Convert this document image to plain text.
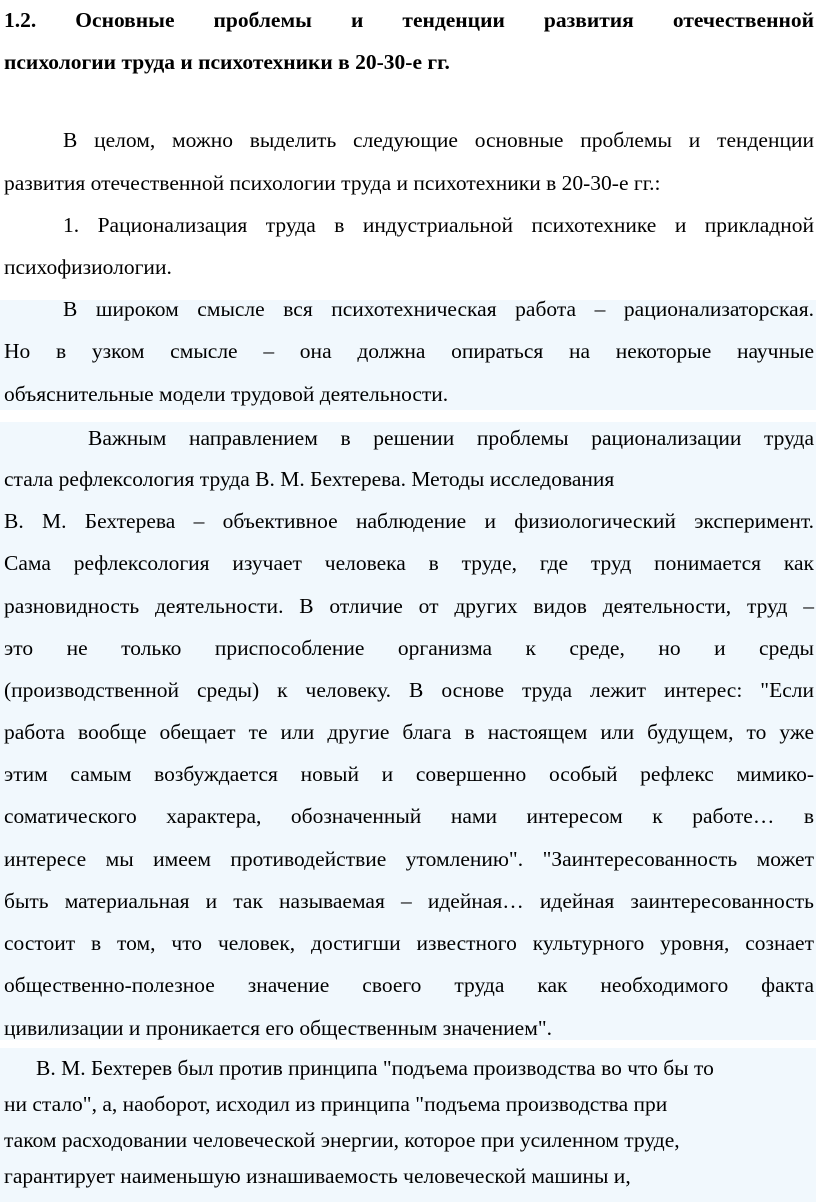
1.2. Основные проблемы и тенденции развития отечественной
психологии труда и психотехники в 20-30-е гг.
В целом, можно выделить следующие основные проблемы и тенденции
развития отечественной психологии труда и психотехники в 20-30-е гг.:
1. Рационализация труда в индустриальной психотехнике и прикладной
психофизиологии.
В широком смысле вся психотехническая работа – рационализаторская.
Но в узком смысле – она должна опираться на некоторые научные
объяснительные модели трудовой деятельности.
Важным направлением в решении проблемы рационализации труда
стала рефлексология труда В. М. Бехтерева. Методы исследования
В. М. Бехтерева – объективное наблюдение и физиологический эксперимент.
Сама рефлексология изучает человека в труде, где труд понимается как
разновидность деятельности. В отличие от других видов деятельности, труд –
это не только приспособление организма к среде, но и среды
(производственной среды) к человеку. В основе труда лежит интерес: "Если
работа вообще обещает те или другие блага в настоящем или будущем, то уже
этим самым возбуждается новый и совершенно особый рефлекс мимико-
соматического характера, обозначенный нами интересом к работе… в
интересе мы имеем противодействие утомлению". "Заинтересованность может
быть материальная и так называемая – идейная… идейная заинтересованность
состоит в том, что человек, достигши известного культурного уровня, сознает
общественно-полезное значение своего труда как необходимого факта
цивилизации и проникается его общественным значением".
В. М. Бехтерев был против принципа "подъема производства во что бы то
ни стало", а, наоборот, исходил из принципа "подъема производства при
таком расходовании человеческой энергии, которое при усиленном труде,
гарантирует наименьшую изнашиваемость человеческой машины и,
